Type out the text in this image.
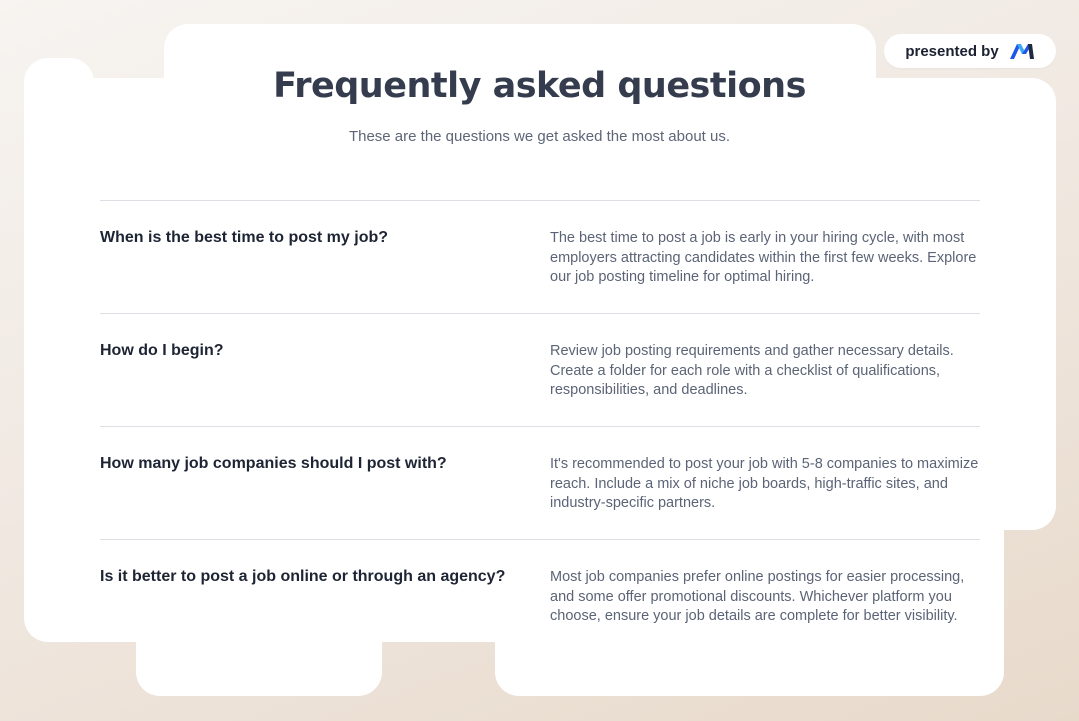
presented by
Frequently asked questions

These are the questions we get asked the most about us.

When is the best time to post my job?	The best time to post a job is early in your hiring cycle, with most employers attracting candidates within the first few weeks. Explore our job posting timeline for optimal hiring.
How do I begin?	Review job posting requirements and gather necessary details. Create a folder for each role with a checklist of qualifications, responsibilities, and deadlines.
How many job companies should I post with?	It's recommended to post your job with 5-8 companies to maximize reach. Include a mix of niche job boards, high-traffic sites, and industry-specific partners.
Is it better to post a job online or through an agency?	Most job companies prefer online postings for easier processing, and some offer promotional discounts. Whichever platform you choose, ensure your job details are complete for better visibility.
